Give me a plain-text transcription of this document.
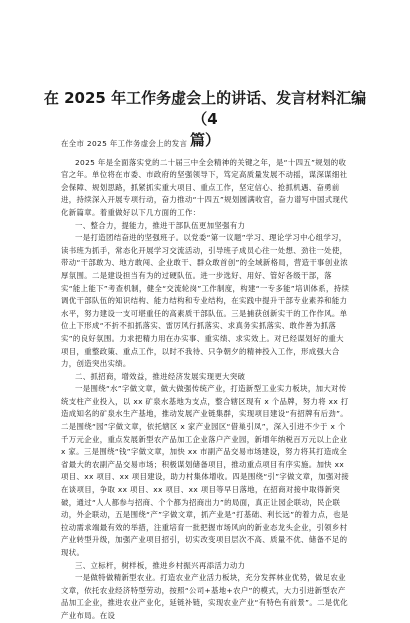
在 2025 年工作务虚会上的讲话、发言材料汇编（4
篇）
在全市 2025 年工作务虚会上的发言
2025 年是全面落实党的二十届三中全会精神的关键之年，是“十四五”规划的收官之年。单位将在市委、市政府的坚强领导下，笃定高质量发展不动摇，谋深谋细社会保障、规划思路，抓紧抓实重大项目、重点工作，坚定信心、抢抓机遇、奋勇前进，持续深入开展专项行动，奋力推动“十四五”规划圆满收官，奋力谱写中国式现代化新篇章。着重做好以下几方面的工作：
一、整合力，提能力，推进干部队伍更加坚强有力
一是打造团结奋进的坚强班子。以党委“第一议题”学习、理论学习中心组学习，读书班为抓手，常态化开展学习交流活动，引导班子成员心往一处想、劲往一处使，带动“干部敢为、地方敢闯、企业敢干、群众敢首创”的全域新格局，营造干事创业浓厚氛围。二是建设担当有为的过硬队伍。进一步选好、用好、管好各级干部，落实“能上能下”考查机制，健全“交流轮岗”工作制度，构建“一专多能”培训体系，持续调优干部队伍的知识结构、能力结构和专业结构，在实践中提升干部专业素养和能力水平，努力建设一支可堪重任的高素质干部队伍。三是捕获创新实干的工作作风。单位上下形成“不折不扣抓落实、雷厉风行抓落实、求真务实抓落实、敢作善为抓落实”的良好氛围。力求把精力用在办实事、重实绩、求实效上。对已经谋划好的重大项目，重整政策、重点工作，以时不我待、只争朝夕的精神投入工作，形成强大合力，创造突出实绩。
二、抓招商，增效益，推进经济发展实现更大突破
一是围绕“水”字做文章，做大做强传统产业，打造新型工业实力板块，加大对传统支柱产业投入，以 xx 矿泉水基地为支点，整合辖区现有 x 个品牌，努力将 xx 打造成知名的矿泉水生产基地，推动发展产业链集群，实现项目建设“有招牌有后劲”。二是围绕“园”字做文章，依托辖区 x 家产业园区“借巢引凤”，深入引进不少于 x 个千万元企业，重点发展新型农产品加工企业落户产业园，新增年纳税百万元以上企业 x 家。三是围绕“钱”字做文章，加快 xx 市副产品交易市场建设，努力将其打造成全省最大的农副产品交易市场；积极谋划储备项目，推动重点项目有序实施。加快 xx 项目、xx 项目、xx 项目建设，助力村集体增收。四是围绕“引”字做文章，加强对接在谈项目，争取 xx 项目、xx 项目、xx 项目等早日落地，在招商对接中取得新突破，通过“人人都参与招商、个个都为招商出力”的局面，真正让园企联动，民企联动，外企联动，五是围绕“产”字做文章，抓产业是“打基础、利长远”的着力点，也是拉动需求端最有效的举措，注重培育一批把握市场风向的新业态龙头企业，引领乡村产业转型升级，加强产业项目招引，切实改变项目层次不高、质量不优、储备不足的现状。
三、立标杆，树样板，推进乡村振兴再添活力动力
一是做特做精新型农业。打造农业产业活力板块，充分发挥林业优势，做足农业文章，依托农业经济特型劳动，按照“公司+基地+农户”的模式，大力引进新型农产品加工企业，推进农业产业化，延链补链，实现农业产业“有特色有前景”。二是优化产业布局。在设
